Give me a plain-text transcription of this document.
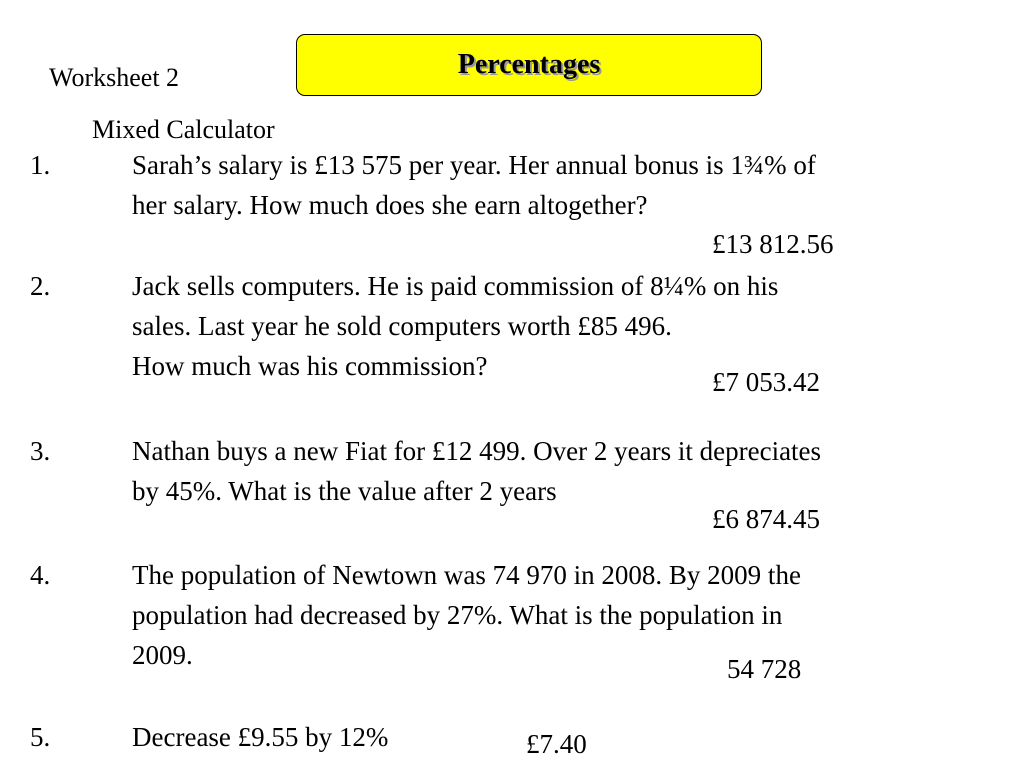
Percentages
Worksheet 2
Mixed Calculator
1.	Sarah’s salary is £13 575 per year. Her annual bonus is 1¾% of
her salary. How much does she earn altogether?
£13 812.56
2.	Jack sells computers. He is paid commission of 8¼% on his
sales. Last year he sold computers worth £85 496.
How much was his commission?
£7 053.42
3.	Nathan buys a new Fiat for £12 499. Over 2 years it depreciates
by 45%. What is the value after 2 years
£6 874.45
4.	The population of Newtown was 74 970 in 2008. By 2009 the
population had decreased by 27%. What is the population in
2009.	54 728
5.	Decrease £9.55 by 12%	£7.40
